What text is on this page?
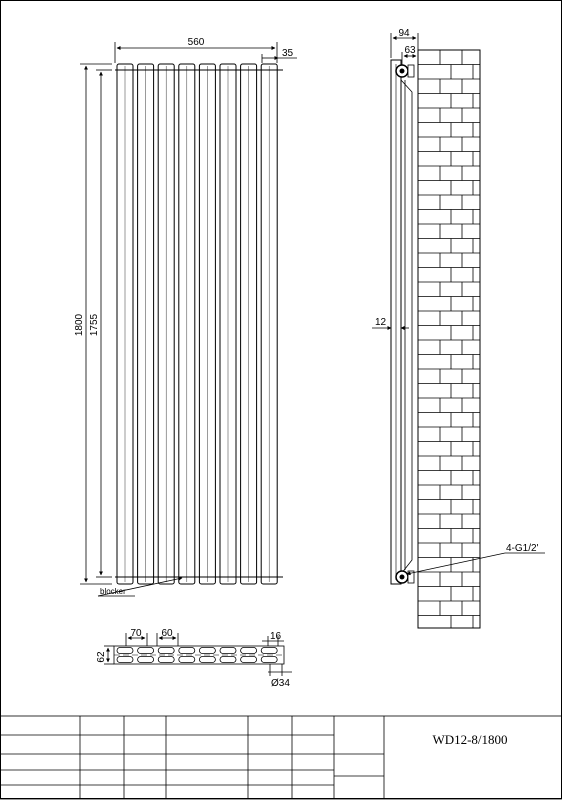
560
35
1800 1755
blocker
94
63
12
4-G1/2'
70 60	16
62
Ø34
WD12-8/1800
